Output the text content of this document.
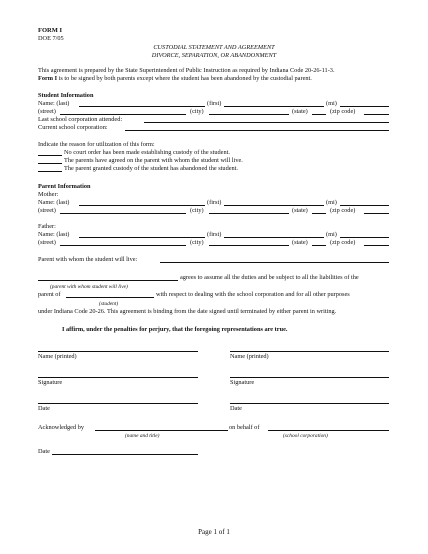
FORM I
DOE 7/05
CUSTODIAL STATEMENT AND AGREEMENT
DIVORCE, SEPARATION, OR ABANDONMENT
This agreement is prepared by the State Superintendent of Public Instruction as required by Indiana Code 20-26-11-3.
Form I is to be signed by both parents except where the student has been abandoned by the custodial parent.
Student Information
Name: (last)	(first)	(mi)
(street)	(city)	(state)	(zip code)
Last school corporation attended:
Current school corporation:
Indicate the reason for utilization of this form:
No court order has been made establishing custody of the student.
The parents have agreed on the parent with whom the student will live.
The parent granted custody of the student has abandoned the student.
Parent Information
Mother:
Name: (last)	(first)	(mi)
(street)	(city)	(state)	(zip code)
Father:
Name: (last)	(first)	(mi)
(street)	(city)	(state)	(zip code)
Parent with whom the student will live:
agrees to assume all the duties and be subject to all the liabilities of the
(parent with whom student will live)
parent of	with respect to dealing with the school corporation and for all other purposes
(student)
under Indiana Code 20-26. This agreement is binding from the date signed until terminated by either parent in writing.
I affirm, under the penalties for perjury, that the foregoing representations are true.
Name (printed)	Name (printed)
Signature	Signature
Date	Date
Acknowledged by	on behalf of
(name and title)	(school corporation)
Date
Page 1 of 1
